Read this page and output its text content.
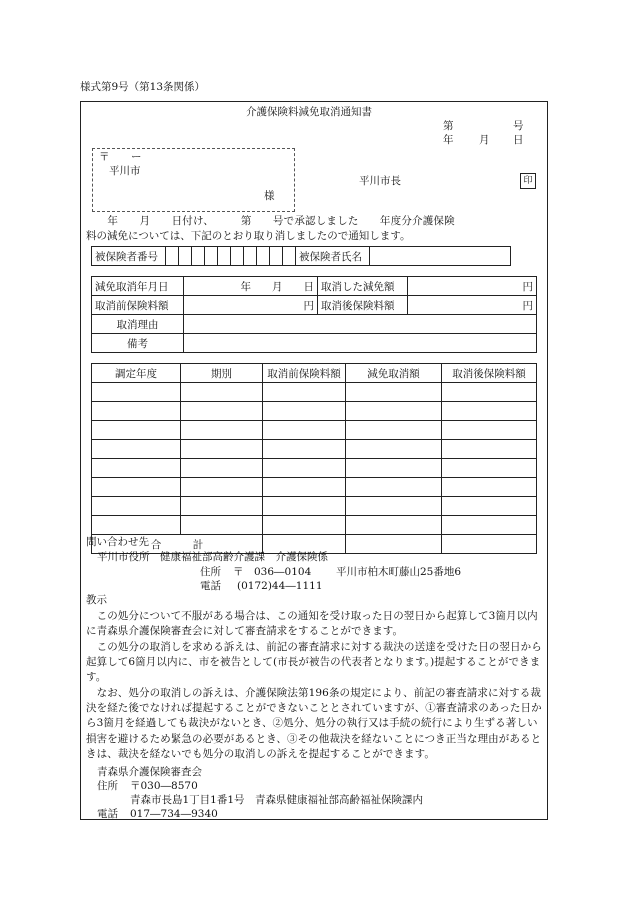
様式第9号（第13条関係）
介護保険料減免取消通知書
第	号
年 月 日
〒 ー
平川市
様
平川市長	印
　　年　　月　　日付け、　　　第　　号で承認しました　　年度分介護保険
料の減免については、下記のとおり取り消しましたので通知します。
被保険者番号											被保険者氏名	
減免取消年月日	年　　月　　日	取消した減免額	円
取消前保険料額	円	取消後保険料額	円
取消理由			
備考			
調定年度	期別	取消前保険料額	減免取消額	取消後保険料額

合　　　計				
問い合わせ先
平川市役所　健康福祉部高齢介護課　介護保険係
住所 〒　036―0104 平川市柏木町藤山25番地6
電話 (0172)44―1111
教示
　この処分について不服がある場合は、この通知を受け取った日の翌日から起算して3箇月以内に青森県介護保険審査会に対して審査請求をすることができます。
　この処分の取消しを求める訴えは、前記の審査請求に対する裁決の送達を受けた日の翌日から起算して6箇月以内に、市を被告として(市長が被告の代表者となります。)提起することができます。
　なお、処分の取消しの訴えは、介護保険法第196条の規定により、前記の審査請求に対する裁決を経た後でなければ提起することができないこととされていますが、①審査請求のあった日から3箇月を経過しても裁決がないとき、②処分、処分の執行又は手続の続行により生ずる著しい損害を避けるため緊急の必要があるとき、③その他裁決を経ないことにつき正当な理由があるときは、裁決を経ないでも処分の取消しの訴えを提起することができます。
青森県介護保険審査会
住所 〒030―8570
青森市長島1丁目1番1号　青森県健康福祉部高齢福祉保険課内
電話 017―734―9340
